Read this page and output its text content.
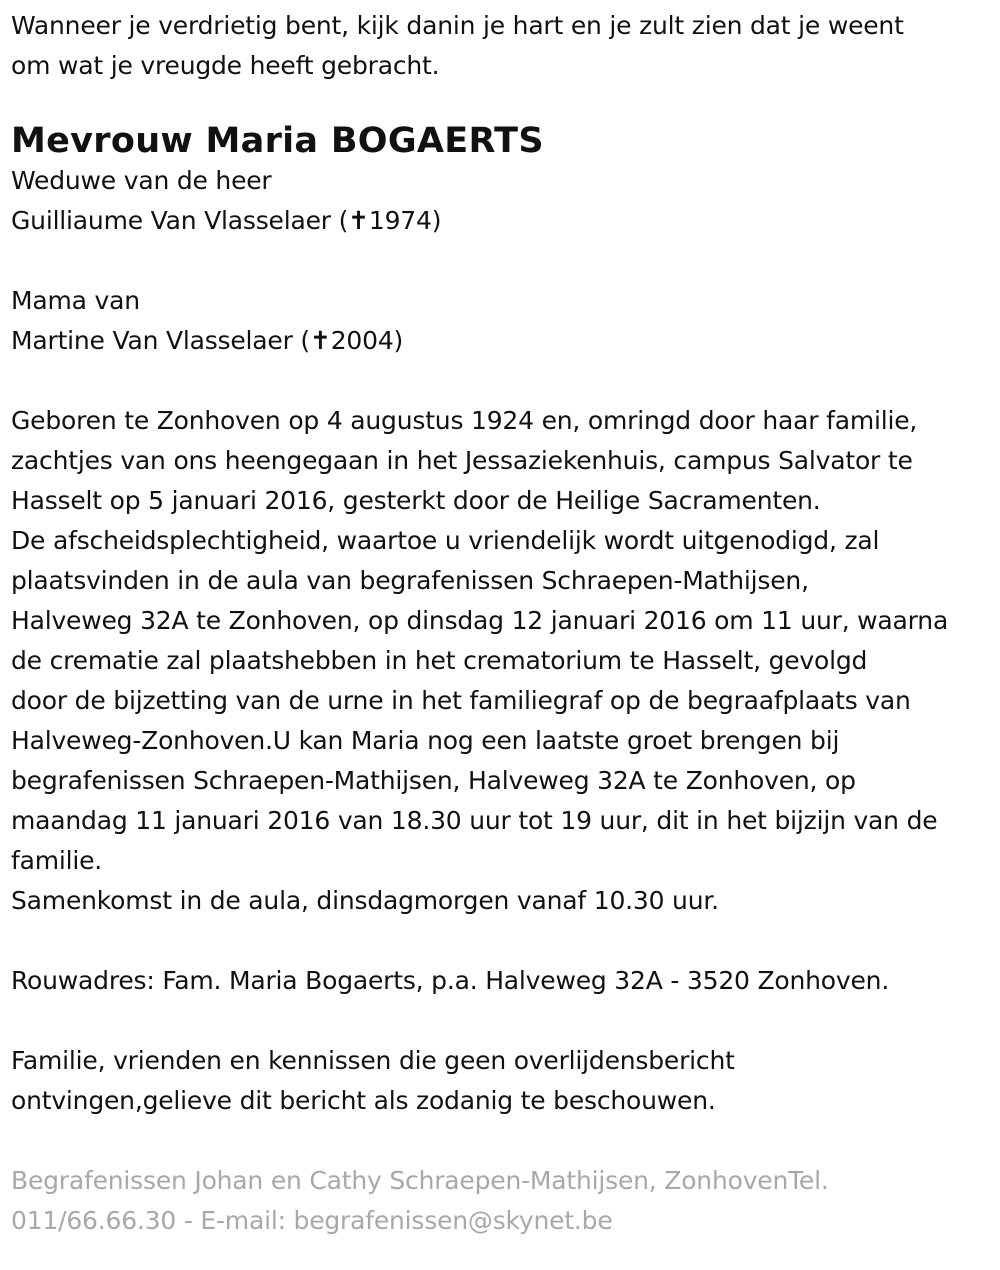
Wanneer je verdrietig bent, kijk danin je hart en je zult zien dat je weent
om wat je vreugde heeft gebracht.
Mevrouw Maria BOGAERTS
Weduwe van de heer
Guilliaume Van Vlasselaer (✝1974)
Mama van
Martine Van Vlasselaer (✝2004)
Geboren te Zonhoven op 4 augustus 1924 en, omringd door haar familie,
zachtjes van ons heengegaan in het Jessaziekenhuis, campus Salvator te
Hasselt op 5 januari 2016, gesterkt door de Heilige Sacramenten.
De afscheidsplechtigheid, waartoe u vriendelijk wordt uitgenodigd, zal
plaatsvinden in de aula van begrafenissen Schraepen-Mathijsen,
Halveweg 32A te Zonhoven, op dinsdag 12 januari 2016 om 11 uur, waarna
de crematie zal plaatshebben in het crematorium te Hasselt, gevolgd
door de bijzetting van de urne in het familiegraf op de begraafplaats van
Halveweg-Zonhoven.U kan Maria nog een laatste groet brengen bij
begrafenissen Schraepen-Mathijsen, Halveweg 32A te Zonhoven, op
maandag 11 januari 2016 van 18.30 uur tot 19 uur, dit in het bijzijn van de
familie.
Samenkomst in de aula, dinsdagmorgen vanaf 10.30 uur.
Rouwadres: Fam. Maria Bogaerts, p.a. Halveweg 32A - 3520 Zonhoven.
Familie, vrienden en kennissen die geen overlijdensbericht
ontvingen,gelieve dit bericht als zodanig te beschouwen.
Begrafenissen Johan en Cathy Schraepen-Mathijsen, ZonhovenTel.
011/66.66.30 - E-mail: begrafenissen@skynet.be
